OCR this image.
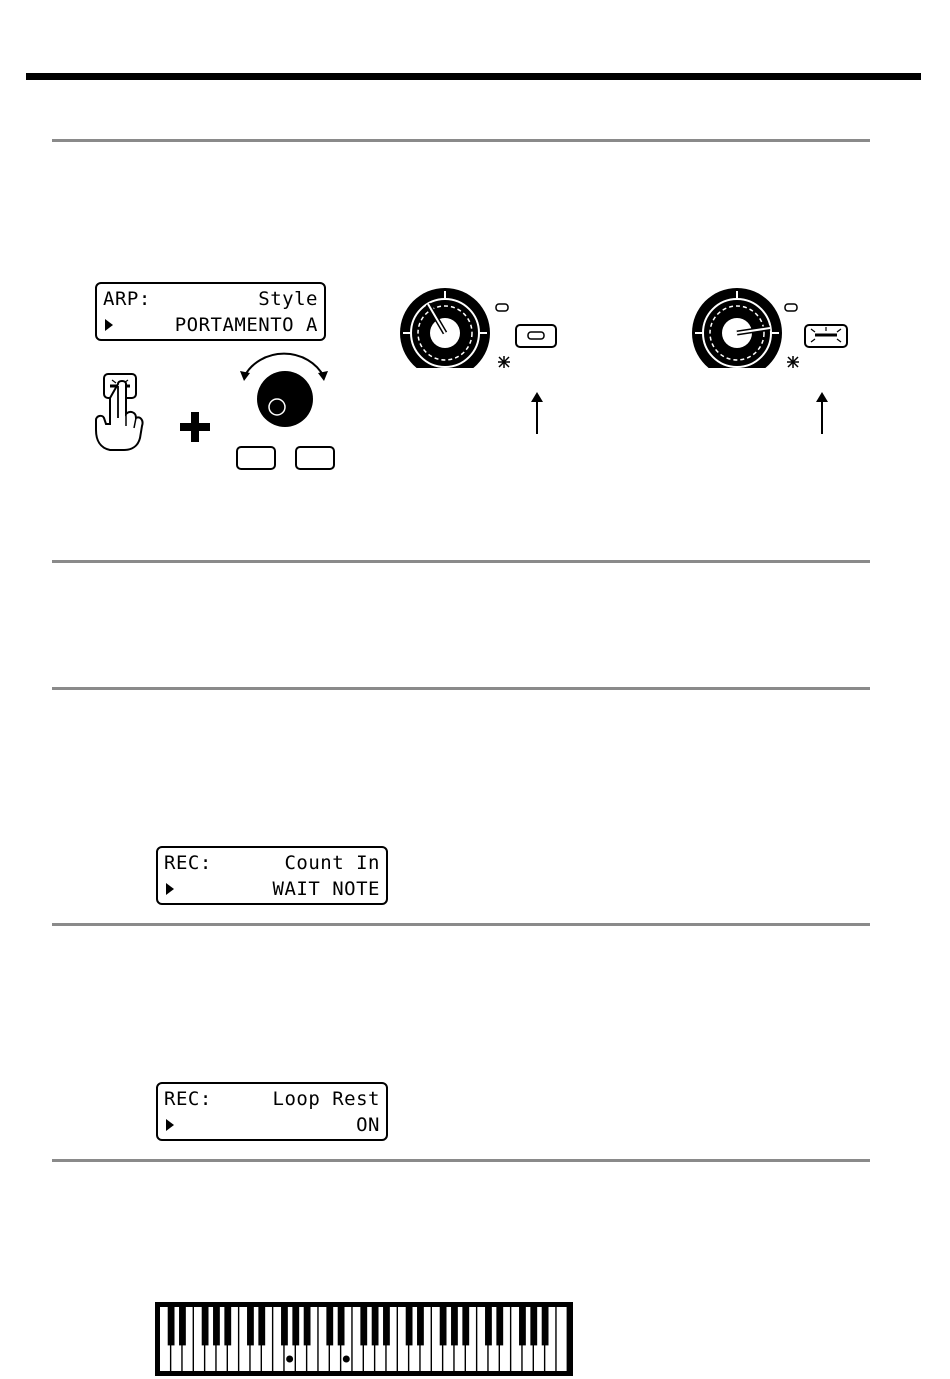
ARP:	Style
PORTAMENTO A
REC:	Count In
WAIT NOTE
REC:	Loop Rest
ON
